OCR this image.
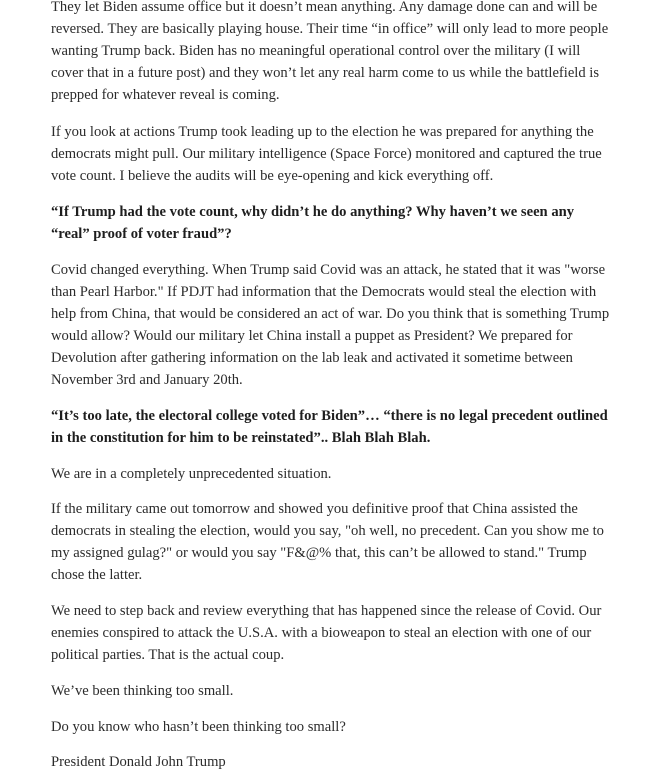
They let Biden assume office but it doesn’t mean anything. Any damage done can and will be reversed. They are basically playing house. Their time “in office” will only lead to more people wanting Trump back. Biden has no meaningful operational control over the military (I will cover that in a future post) and they won’t let any real harm come to us while the battlefield is prepped for whatever reveal is coming.

If you look at actions Trump took leading up to the election he was prepared for anything the democrats might pull. Our military intelligence (Space Force) monitored and captured the true vote count. I believe the audits will be eye-opening and kick everything off.

“If Trump had the vote count, why didn’t he do anything? Why haven’t we seen any “real” proof of voter fraud”?

Covid changed everything. When Trump said Covid was an attack, he stated that it was "worse than Pearl Harbor." If PDJT had information that the Democrats would steal the election with help from China, that would be considered an act of war. Do you think that is something Trump would allow? Would our military let China install a puppet as President? We prepared for Devolution after gathering information on the lab leak and activated it sometime between November 3rd and January 20th.

“It’s too late, the electoral college voted for Biden”… “there is no legal precedent outlined in the constitution for him to be reinstated”.. Blah Blah Blah.

We are in a completely unprecedented situation.

If the military came out tomorrow and showed you definitive proof that China assisted the democrats in stealing the election, would you say, "oh well, no precedent. Can you show me to my assigned gulag?" or would you say "F&@% that, this can’t be allowed to stand." Trump chose the latter.

We need to step back and review everything that has happened since the release of Covid. Our enemies conspired to attack the U.S.A. with a bioweapon to steal an election with one of our political parties. That is the actual coup.

We’ve been thinking too small.

Do you know who hasn’t been thinking too small?

President Donald John Trump
